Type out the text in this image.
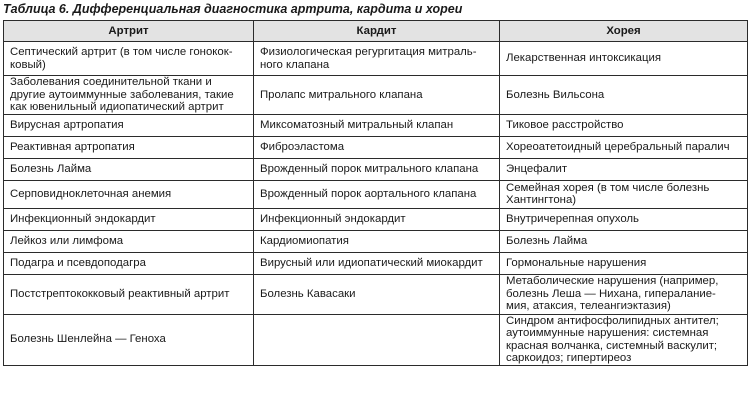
Таблица 6. Дифференциальная диагностика артрита, кардита и хореи
Артрит	Кардит	Хорея
Септический артрит (в том числе гонокок-
ковый)	Физиологическая регургитация митраль-
ного клапана	Лекарственная интоксикация
Заболевания соединительной ткани и
другие аутоиммунные заболевания, такие
как ювенильный идиопатический артрит	Пролапс митрального клапана	Болезнь Вильсона
Вирусная артропатия	Миксоматозный митральный клапан	Тиковое расстройство
Реактивная артропатия	Фиброэластома	Хореоатетоидный церебральный паралич
Болезнь Лайма	Врожденный порок митрального клапана	Энцефалит
Серповидноклеточная анемия	Врожденный порок аортального клапана	Семейная хорея (в том числе болезнь
Хантингтона)
Инфекционный эндокардит	Инфекционный эндокардит	Внутричерепная опухоль
Лейкоз или лимфома	Кардиомиопатия	Болезнь Лайма
Подагра и псевдоподагра	Вирусный или идиопатический миокардит	Гормональные нарушения
Постстрептококковый реактивный артрит	Болезнь Кавасаки	Метаболические нарушения (например,
болезнь Леша — Нихана, гипералание-
мия, атаксия, телеангиэктазия)
Болезнь Шенлейна — Геноха		Синдром антифосфолипидных антител;
аутоиммунные нарушения: системная
красная волчанка, системный васкулит;
саркоидоз; гипертиреоз
